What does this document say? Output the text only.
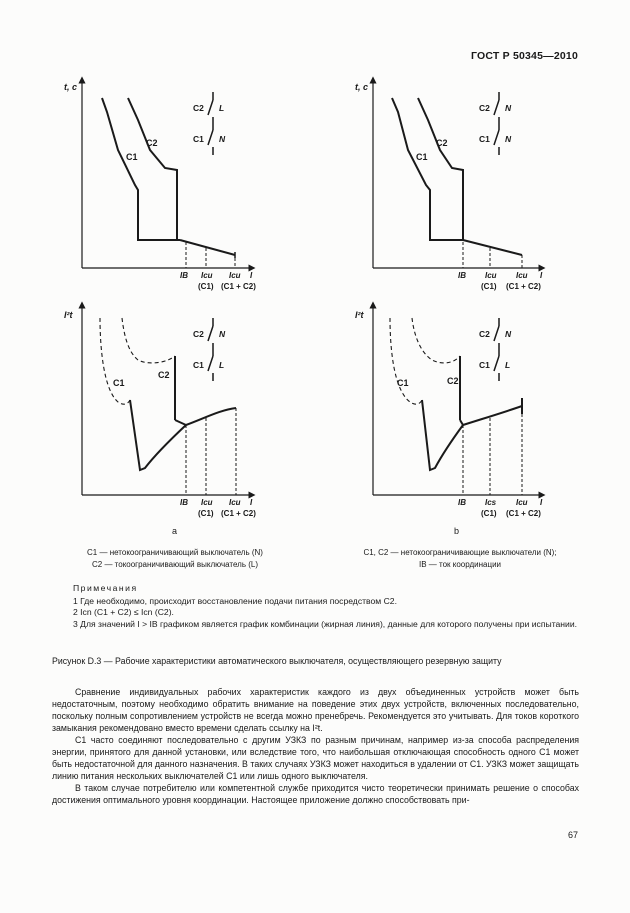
ГОСТ Р 50345—2010
t, c
C1
C2
IB Icu Icu I
(C1) (C1 + C2)
C2 L
C1 N
t, c
C1
C2
IB Icu Icu I
(C1) (C1 + C2)
C2 N
C1 N
I²t
C1
C2
IB Icu Icu I
(C1) (C1 + C2)
C2 N
C1 L
a
I²t
C1	C2
IB Ics Icu I
(C1) (C1 + C2)
C2 N
C1 L
b
C1 — нетокоограничивающий выключатель (N)
C2 — токоограничивающий выключатель (L)
C1, C2 — нетокоограничивающие выключатели (N);
IB — ток координации
Примечания
1 Где необходимо, происходит восстановление подачи питания посредством C2.
2 Icn (C1 + C2) ≤ Icn (C2).
3 Для значений I > IB графиком является график комбинации (жирная линия), данные для которого получены при испытании.
Рисунок D.3 — Рабочие характеристики автоматического выключателя, осуществляющего резервную защиту

Сравнение индивидуальных рабочих характеристик каждого из двух объединенных устройств может быть недостаточным, поэтому необходимо обратить внимание на поведение этих двух устройств, включенных последовательно, поскольку полным сопротивлением устройств не всегда можно пренебречь. Рекомендуется это учитывать. Для токов короткого замыкания рекомендовано вместо времени сделать ссылку на I²t.

C1 часто соединяют последовательно с другим УЗКЗ по разным причинам, например из-за способа распределения энергии, принятого для данной установки, или вследствие того, что наибольшая отключающая способность одного C1 может быть недостаточной для данного назначения. В таких случаях УЗКЗ может находиться в удалении от C1. УЗКЗ может защищать линию питания нескольких выключателей C1 или лишь одного выключателя.

В таком случае потребителю или компетентной службе приходится чисто теоретически принимать решение о способах достижения оптимального уровня координации. Настоящее приложение должно способствовать при-

67
